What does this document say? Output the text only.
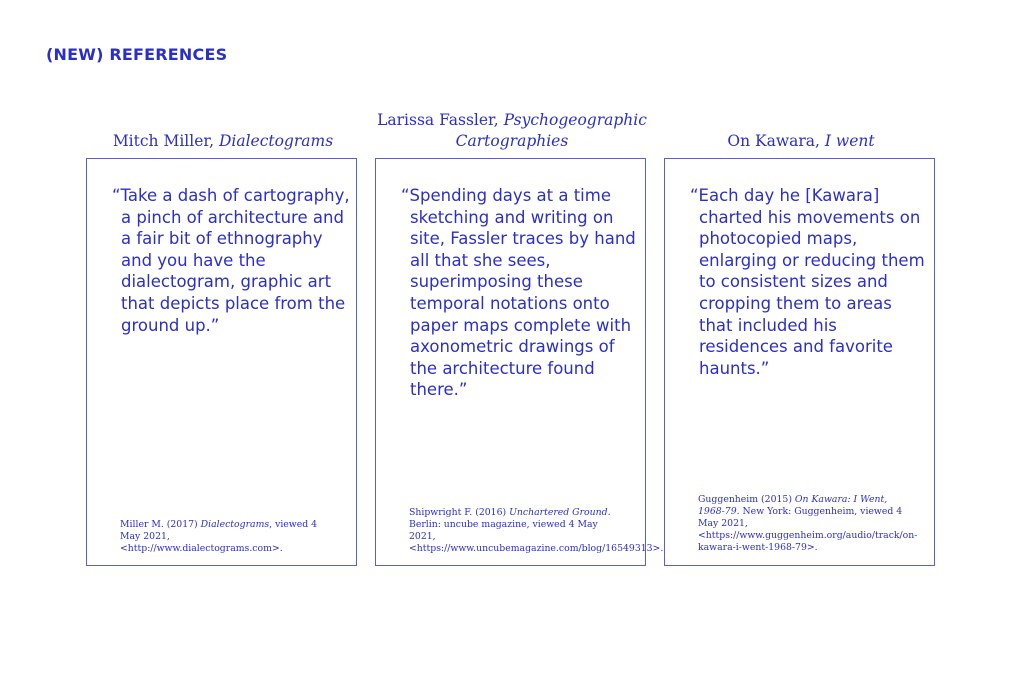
(NEW) REFERENCES
Mitch Miller, Dialectograms

“Take a dash of cartography, a pinch of architecture and a fair bit of ethnography and you have the dialectogram, graphic art that depicts place from the ground up.”

Miller M. (2017) Dialectograms, viewed 4 May 2021, <http://www.dialectograms.com>.

Larissa Fassler, Psychogeographic Cartographies

“Spending days at a time sketching and writing on site, Fassler traces by hand all that she sees, superimposing these temporal notations onto paper maps complete with axonometric drawings of the architecture found there.”

Shipwright F. (2016) Unchartered Ground. Berlin: uncube magazine, viewed 4 May 2021, <https://www.uncubemagazine.com/blog/16549313>.

On Kawara, I went

“Each day he [Kawara] charted his movements on photocopied maps, enlarging or reducing them to consistent sizes and cropping them to areas that included his residences and favorite haunts.”

Guggenheim (2015) On Kawara: I Went, 1968-79. New York: Guggenheim, viewed 4 May 2021, <https://www.guggenheim.org/audio/track/on-kawara-i-went-1968-79>.
